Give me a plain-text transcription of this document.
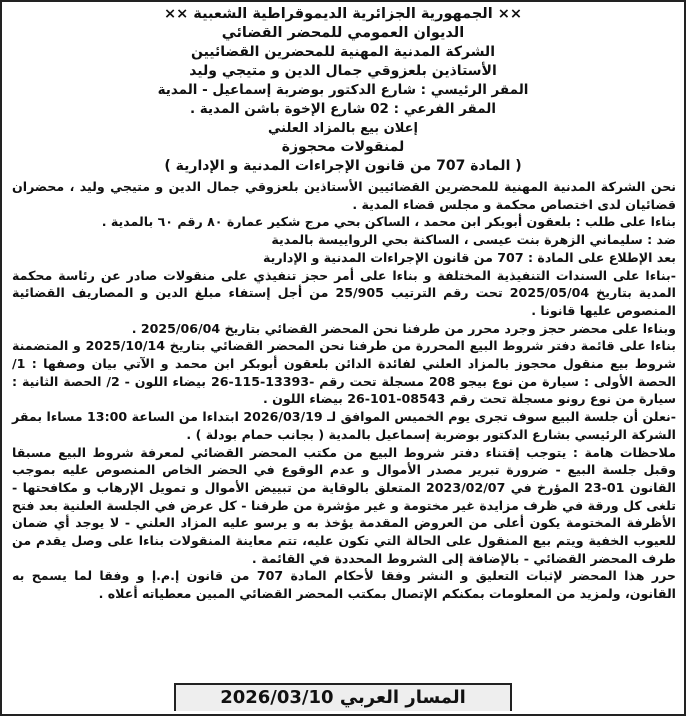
×× الجمهورية الجزائرية الديموقراطية الشعبية ××
الديوان العمومي للمحضر القضائي
الشركة المدنية المهنية للمحضرين القضائيين
الأستاذين بلعزوقي جمال الدين و متيجي وليد
المقر الرئيسي : شارع الدكتور بوضربة إسماعيل - المدية
المقر الفرعي : 02 شارع الإخوة باشن المدية .
إعلان بيع بالمزاد العلني
لمنقولات محجوزة
( المادة 707 من قانون الإجراءات المدنية و الإدارية )

نحن الشركة المدنية المهنية للمحضرين القضائيين الأستاذين بلعزوقي جمال الدين و متيجي وليد ، محضران قضائيان لدى اختصاص محكمة و مجلس قضاء المدية .

بناءا على طلب : بلعقون أبوبكر ابن محمد ، الساكن بحي مرج شكير عمارة ٨٠ رقم ٦٠ بالمدية .

ضد : سليماني الزهرة بنت عيسى ، الساكنة بحي الرواييسة بالمدية

بعد الإطلاع على المادة : 707 من قانون الإجراءات المدنية و الإدارية

-بناءا على السندات التنفيذية المختلفة و بناءا على أمر حجز تنفيذي على منقولات صادر عن رئاسة محكمة المدية بتاريخ 2025/05/04 تحت رقم الترتيب 25/905 من أجل إستفاء مبلغ الدين و المصاريف القضائية المنصوص عليها قانونا .

وبناءا على محضر حجز وجرد محرر من طرفنا نحن المحضر القضائي بتاريخ 2025/06/04 .

بناءا على قائمة دفتر شروط البيع المحررة من طرفنا نحن المحضر القضائي بتاريخ 2025/10/14 و المتضمنة شروط بيع منقول محجوز بالمزاد العلني لفائدة الدائن بلعقون أبوبكر ابن محمد و الآتي بيان وصفها : 1/ الحصة الأولى : سيارة من نوع بيجو 208 مسجلة تحت رقم -13393-115-26 بيضاء اللون - 2/ الحصة الثانية : سيارة من نوع رونو مسجلة تحت رقم 08543-101-26 بيضاء اللون .

-نعلن أن جلسة البيع سوف تجرى يوم الخميس الموافق لـ 2026/03/19 ابتداءا من الساعة 13:00 مساءا بمقر الشركة الرئيسي بشارع الدكتور بوضربة إسماعيل بالمدية ( بجانب حمام بودلة ) .

ملاحظات هامة : يتوجب إقتناء دفتر شروط البيع من مكتب المحضر القضائي لمعرفة شروط البيع مسبقا وقبل جلسة البيع - ضرورة تبرير مصدر الأموال و عدم الوقوع في الحضر الخاص المنصوص عليه بموجب القانون 01-23 المؤرخ في 2023/02/07 المتعلق بالوقاية من تبييض الأموال و تمويل الإرهاب و مكافحتها - تلغى كل ورقة في ظرف مزايدة غير مختومة و غير مؤشرة من طرفنا - كل عرض في الجلسة العلنية بعد فتح الأظرفة المختومة يكون أعلى من العروض المقدمة يؤخذ به و يرسو عليه المزاد العلني - لا يوجد أي ضمان للعيوب الخفية ويتم بيع المنقول على الحالة التي تكون عليه، تتم معاينة المنقولات بناءا على وصل يقدم من طرف المحضر القضائي - بالإضافة إلى الشروط المحددة في القائمة .

حرر هذا المحضر لإثبات التعليق و النشر وفقا لأحكام المادة 707 من قانون إ.م.إ و وفقا لما يسمح به القانون، ولمزيد من المعلومات بمكنكم الإتصال بمكتب المحضر القضائي المبين معطياته أعلاه .

المسار العربي 2026/03/10
